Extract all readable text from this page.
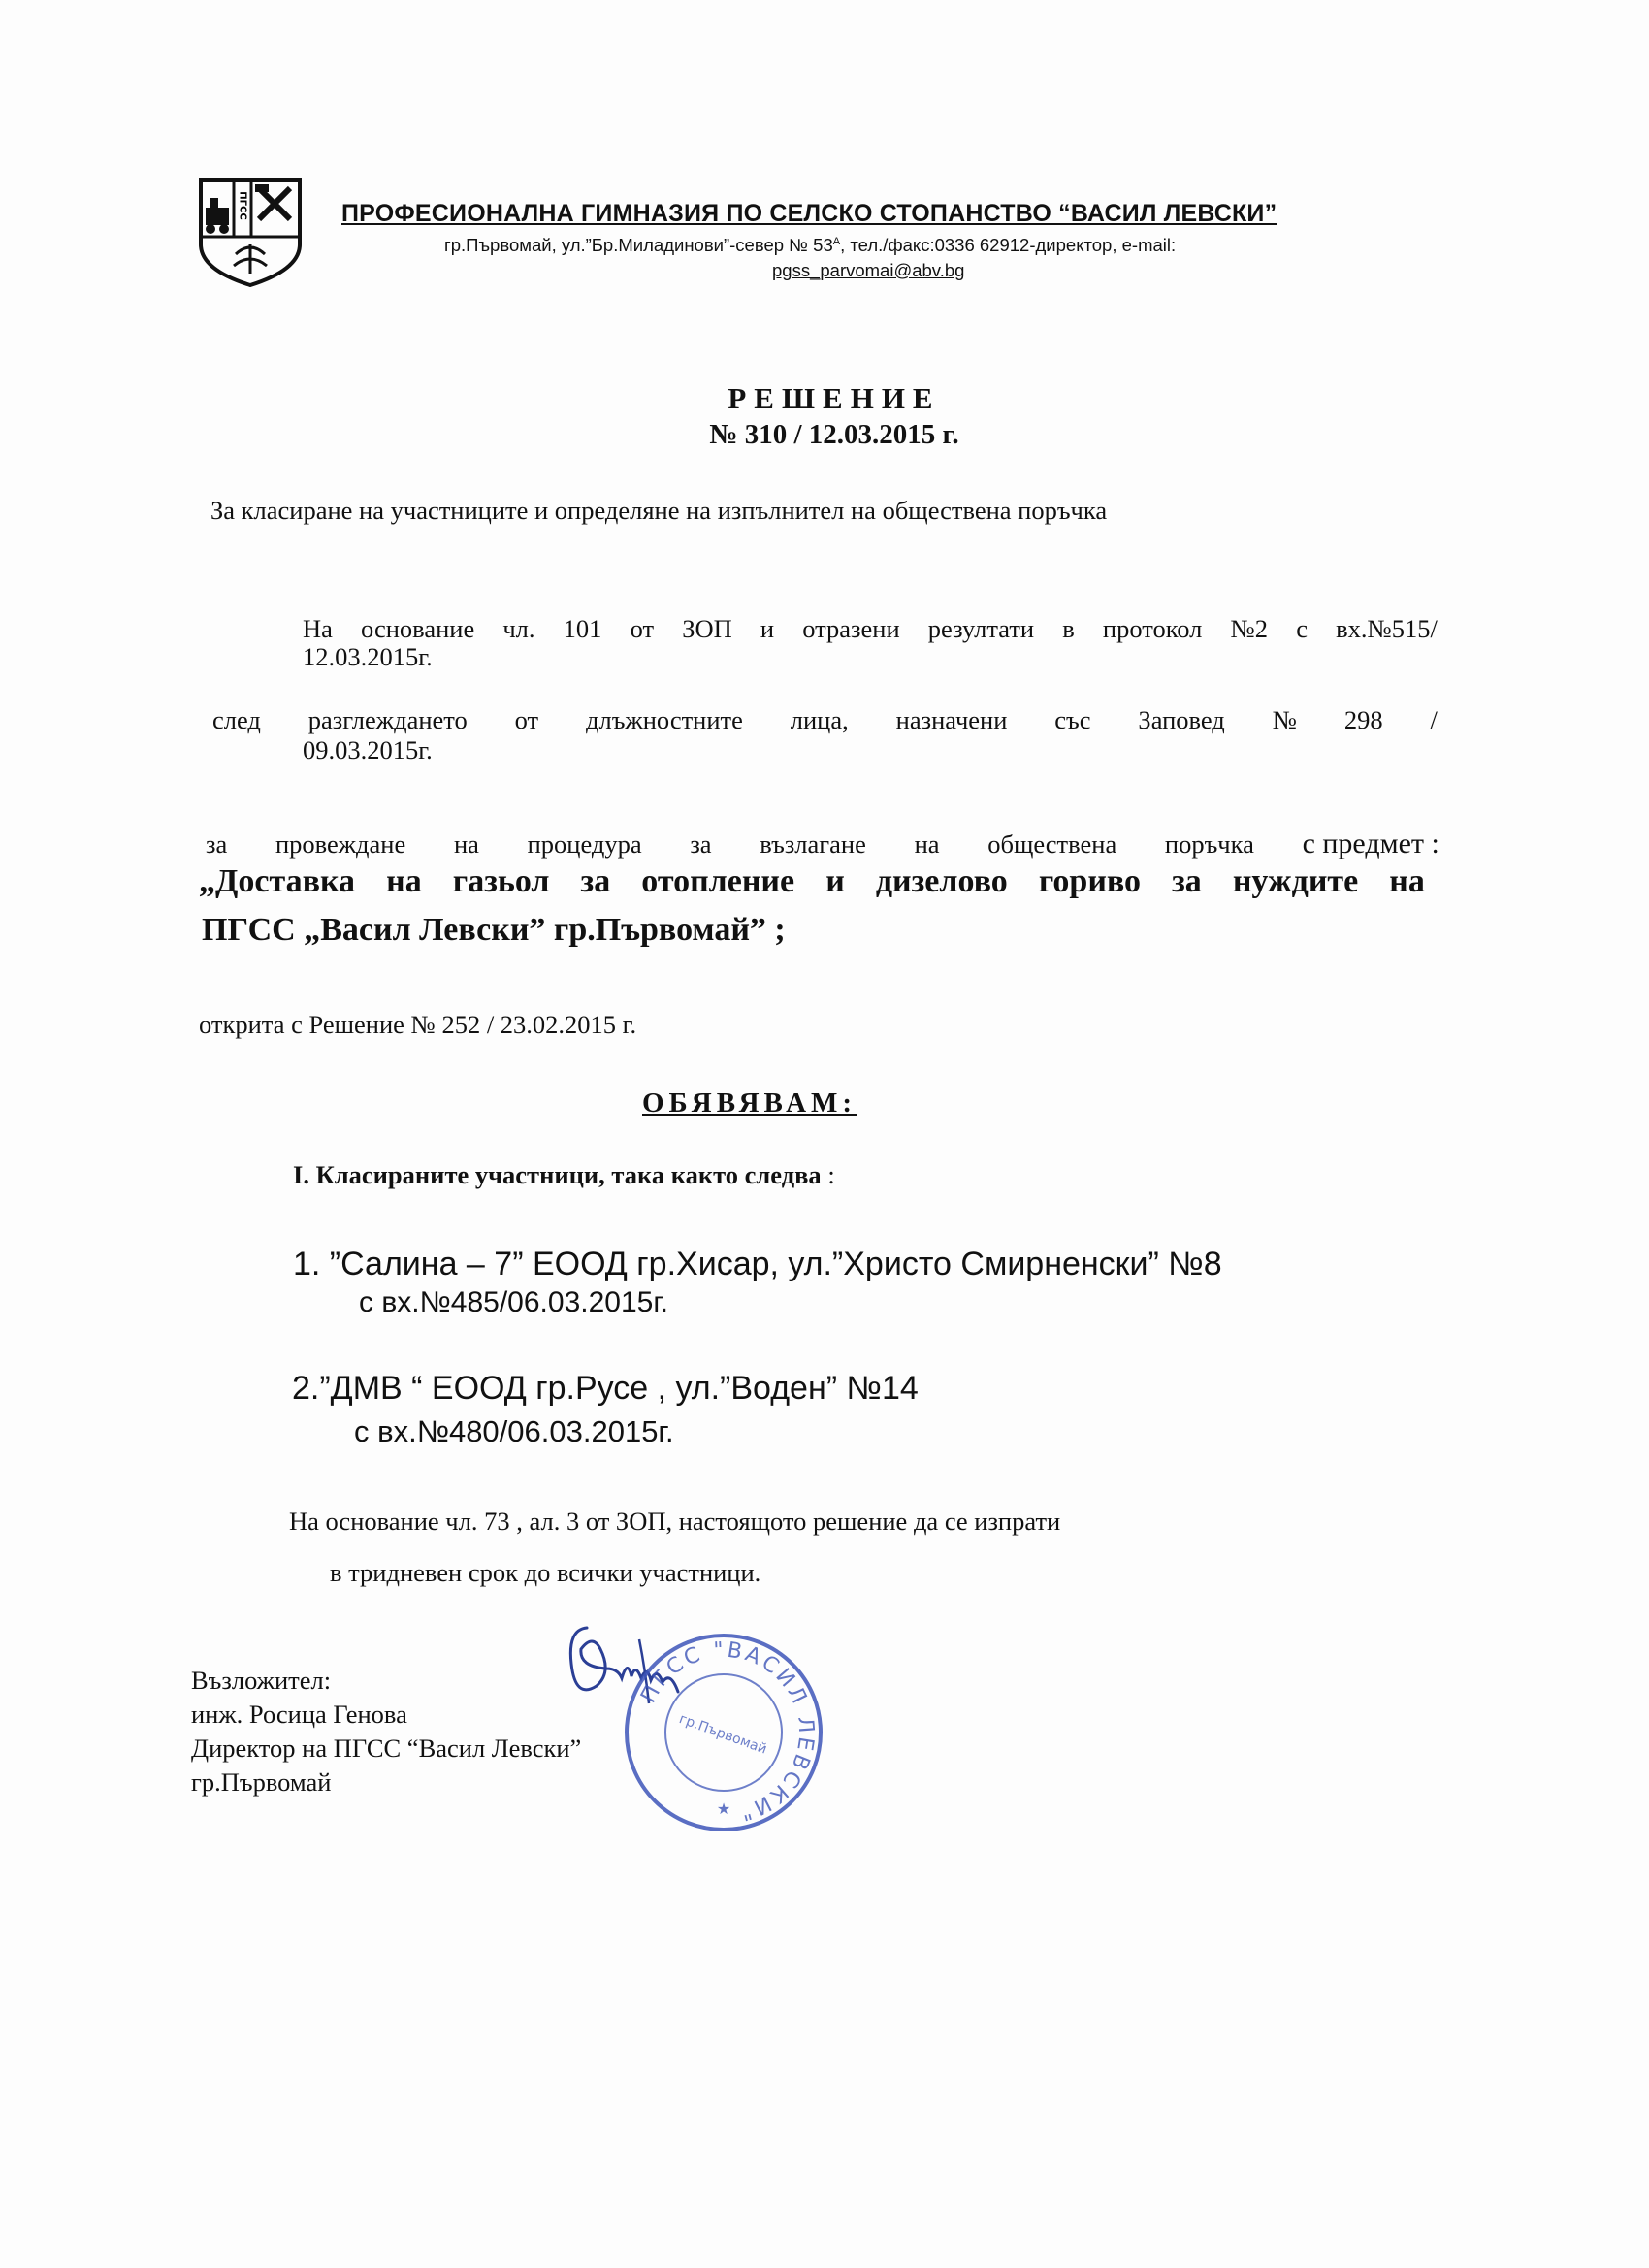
ПГСС	ПРОФЕСИОНАЛНА ГИМНАЗИЯ ПО СЕЛСКО СТОПАНСТВО “ВАСИЛ ЛЕВСКИ”

гр.Първомай, ул.”Бр.Миладинови”-север № $53^А$, тел./факс:0336 62912-директор, e-mail:

pgss_parvomai@abv.bg

РЕШЕНИЕ

№ 310 / 12.03.2015 г.

За класиране на участниците и определяне на изпълнител на обществена поръчка

На основание чл. 101 от ЗОП и отразени резултати в протокол №2 с вх.№515/

12.03.2015г.

след разглеждането от длъжностните лица, назначени със Заповед № 298 /

09.03.2015г.

за провеждане на процедура за възлагане на обществена поръчка с предмет :

„Доставка на газьол за отопление и дизелово гориво за нуждите на

ПГСС „Васил Левски” гр.Първомай” ;

открита с Решение № 252 / 23.02.2015 г.

ОБЯВЯВАМ:

I. Класираните участници, така както следва :

1. ”Салина – 7” ЕООД гр.Хисар, ул.”Христо Смирненски” №8

с вх.№485/06.03.2015г.

2.”ДМВ “ ЕООД гр.Русе , ул.”Воден” №14

с вх.№480/06.03.2015г.

На основание чл. 73 , ал. 3 от ЗОП, настоящото решение да се изпрати

в тридневен срок до всички участници.

Възложител:

инж. Росица Генова

Директор на ПГСС “Васил Левски”

гр.Първомай

ПГСС "ВАСИЛ ЛЕВСКИ"
гр.Първомай
★
